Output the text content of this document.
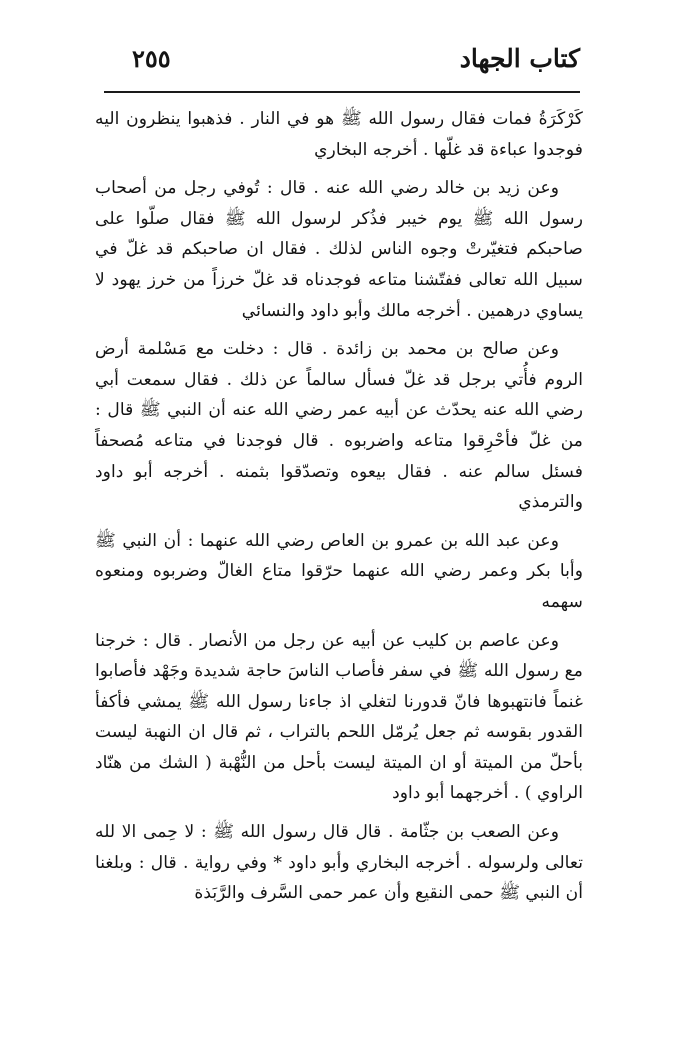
٢٥٥	كتاب الجهاد

كَرْكَرَةُ فمات فقال رسول الله ﷺ هو في النار . فذهبوا ينظرون اليه فوجدوا عباءة قد غلّها . أخرجه البخاري

وعن زيد بن خالد رضي الله عنه . قال : تُوفي رجل من أصحاب رسول الله ﷺ يوم خيبر فذُكر لرسول الله ﷺ فقال صلّوا على صاحبكم فتغيّرتْ وجوه الناس لذلك . فقال ان صاحبكم قد غلّ في سبيل الله تعالى ففتّشنا متاعه فوجدناه قد غلّ خرزاً من خرز يهود لا يساوي درهمين . أخرجه مالك وأبو داود والنسائي

وعن صالح بن محمد بن زائدة . قال : دخلت مع مَسْلمة أرض الروم فأُتي برجل قد غلّ فسأل سالماً عن ذلك . فقال سمعت أبي رضي الله عنه يحدّث عن أبيه عمر رضي الله عنه أن النبي ﷺ قال : من غلّ فأحْرِقوا متاعه واضربوه . قال فوجدنا في متاعه مُصحفاً فسئل سالم عنه . فقال بيعوه وتصدّقوا بثمنه . أخرجه أبو داود والترمذي

وعن عبد الله بن عمرو بن العاص رضي الله عنهما : أن النبي ﷺ وأبا بكر وعمر رضي الله عنهما حرّقوا متاع الغالّ وضربوه ومنعوه سهمه

وعن عاصم بن كليب عن أبيه عن رجل من الأنصار . قال : خرجنا مع رسول الله ﷺ في سفر فأصاب الناسَ حاجة شديدة وجَهْد فأصابوا غنماً فانتهبوها فانّ قدورنا لتغلي اذ جاءنا رسول الله ﷺ يمشي فأكفأ القدور بقوسه ثم جعل يُرمّل اللحم بالتراب ، ثم قال ان النهبة ليست بأحلّ من الميتة أو ان الميتة ليست بأحل من النُّهْبة ( الشك من هنّاد الراوي ) . أخرجهما أبو داود

وعن الصعب بن جثّامة . قال قال رسول الله ﷺ : لا حِمى الا لله تعالى ولرسوله . أخرجه البخاري وأبو داود * وفي رواية . قال : وبلغنا أن النبي ﷺ حمى النقيع وأن عمر حمى السَّرف والرَّبَذة
